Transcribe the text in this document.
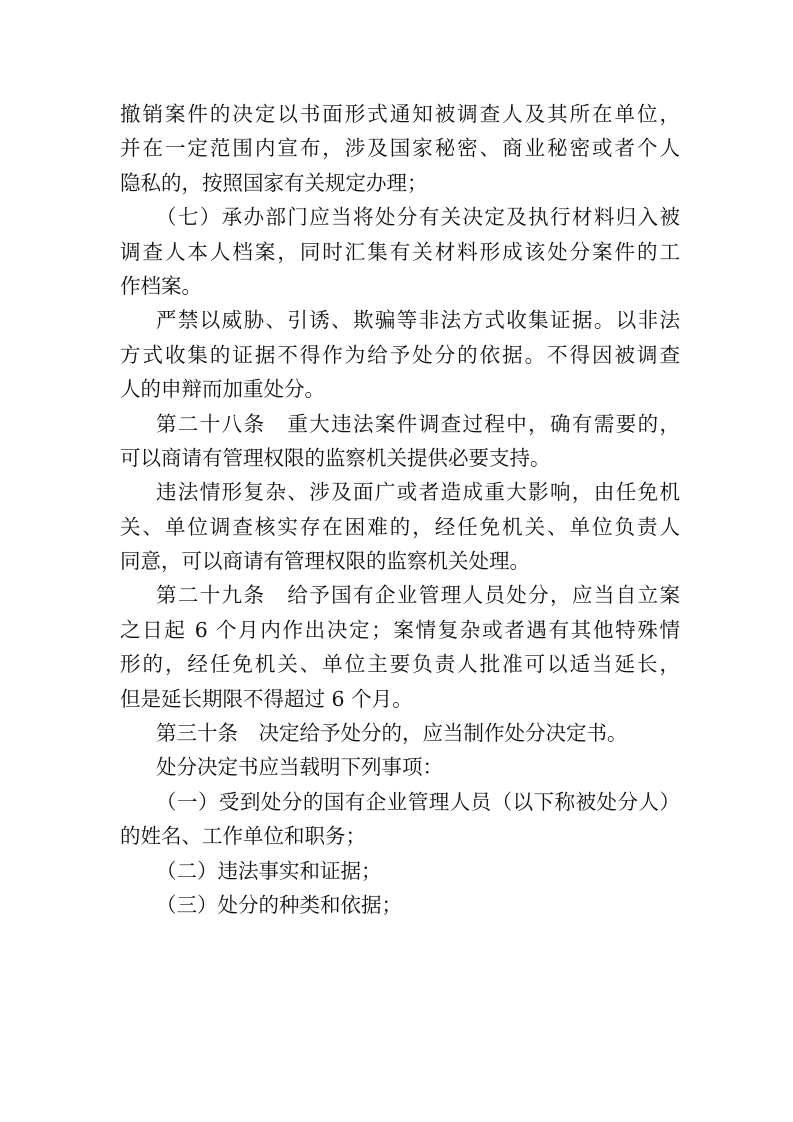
撤销案件的决定以书面形式通知被调查人及其所在单位，
并在一定范围内宣布，涉及国家秘密、商业秘密或者个人
隐私的，按照国家有关规定办理；
（七）承办部门应当将处分有关决定及执行材料归入被
调查人本人档案，同时汇集有关材料形成该处分案件的工
作档案。
严禁以威胁、引诱、欺骗等非法方式收集证据。以非法
方式收集的证据不得作为给予处分的依据。不得因被调查
人的申辩而加重处分。
第二十八条　重大违法案件调查过程中，确有需要的，
可以商请有管理权限的监察机关提供必要支持。
违法情形复杂、涉及面广或者造成重大影响，由任免机
关、单位调查核实存在困难的，经任免机关、单位负责人
同意，可以商请有管理权限的监察机关处理。
第二十九条　给予国有企业管理人员处分，应当自立案
之日起 6 个月内作出决定；案情复杂或者遇有其他特殊情
形的，经任免机关、单位主要负责人批准可以适当延长，
但是延长期限不得超过 6 个月。
第三十条　决定给予处分的，应当制作处分决定书。
处分决定书应当载明下列事项：
（一）受到处分的国有企业管理人员（以下称被处分人）
的姓名、工作单位和职务；
（二）违法事实和证据；
（三）处分的种类和依据；
